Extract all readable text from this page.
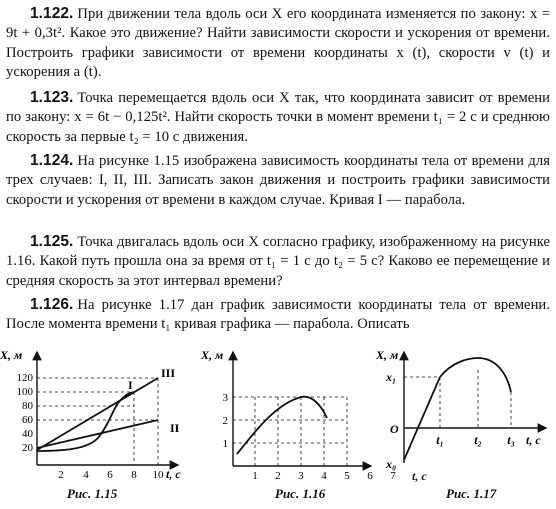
1.122. При движении тела вдоль оси X его координата изменяется по закону: x = 9t + 0,3t². Какое это движение? Найти зависимости скорости и ускорения от времени. Построить графики зависимости от времени координаты x (t), скорости v (t) и ускорения a (t).
1.123. Точка перемещается вдоль оси X так, что координата зависит от времени по закону: x = 6t − 0,125t². Найти скорость точки в момент времени t₁ = 2 с и среднюю скорость за первые t₂ = 10 с движения.
1.124. На рисунке 1.15 изображена зависимость координаты тела от времени для трех случаев: I, II, III. Записать закон движения и построить графики зависимости скорости и ускорения от времени в каждом случае. Кривая I — парабола.
1.125. Точка двигалась вдоль оси X согласно графику, изображенному на рисунке 1.16. Какой путь прошла она за время от t₁ = 1 с до t₂ = 5 с? Каково ее перемещение и средняя скорость за этот интервал времени?
1.126. На рисунке 1.17 дан график зависимости координаты тела от времени. После момента времени t₁ кривая графика — парабола. Описать
X, м
120
100
80
60
40
20
2 4 6 8 10 t, с
I
II
III
Рис. 1.15
X, м
3
2
1
1 2 3 4 5 6 7 t, с
Рис. 1.16
X, м
x₁
O
x₀
t₁	t₂ t₃ t, с
Рис. 1.17
